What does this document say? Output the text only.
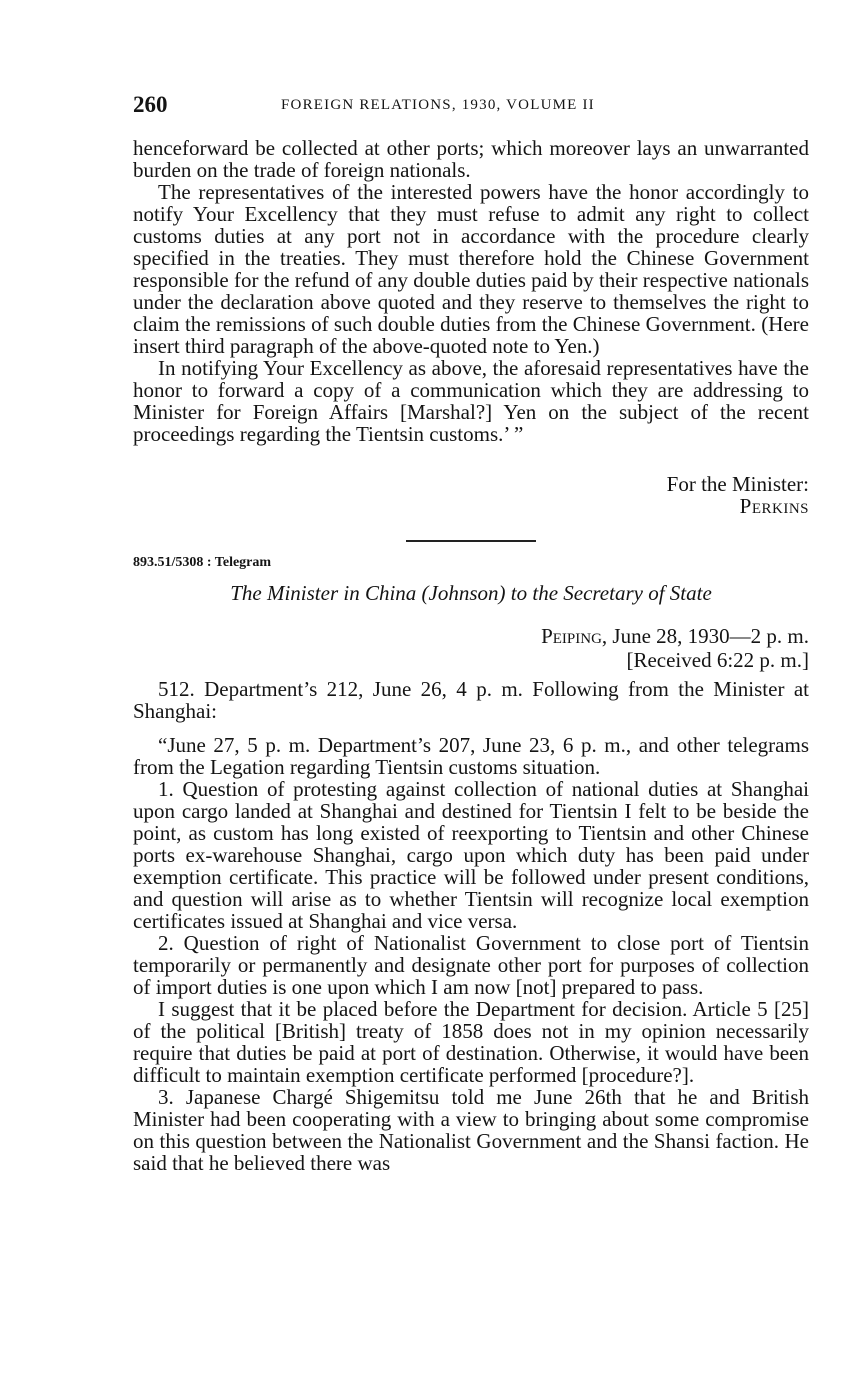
260	FOREIGN RELATIONS, 1930, VOLUME II

henceforward be collected at other ports; which moreover lays an unwarranted burden on the trade of foreign nationals.

The representatives of the interested powers have the honor accordingly to notify Your Excellency that they must refuse to admit any right to collect customs duties at any port not in accordance with the procedure clearly specified in the treaties. They must therefore hold the Chinese Government responsible for the refund of any double duties paid by their respective nationals under the declaration above quoted and they reserve to themselves the right to claim the remissions of such double duties from the Chinese Government. (Here insert third paragraph of the above-quoted note to Yen.)

In notifying Your Excellency as above, the aforesaid representatives have the honor to forward a copy of a communication which they are addressing to Minister for Foreign Affairs [Marshal?] Yen on the subject of the recent proceedings regarding the Tientsin customs.’ ”

For the Minister:

Perkins

893.51/5308 : Telegram
The Minister in China (Johnson) to the Secretary of State
Peiping, June 28, 1930—2 p. m.
[Received 6:22 p. m.]

512. Department’s 212, June 26, 4 p. m. Following from the Minister at Shanghai:

“June 27, 5 p. m. Department’s 207, June 23, 6 p. m., and other telegrams from the Legation regarding Tientsin customs situation.

1. Question of protesting against collection of national duties at Shanghai upon cargo landed at Shanghai and destined for Tientsin I felt to be beside the point, as custom has long existed of reexporting to Tientsin and other Chinese ports ex-warehouse Shanghai, cargo upon which duty has been paid under exemption certificate. This practice will be followed under present conditions, and question will arise as to whether Tientsin will recognize local exemption certificates issued at Shanghai and vice versa.

2. Question of right of Nationalist Government to close port of Tientsin temporarily or permanently and designate other port for purposes of collection of import duties is one upon which I am now [not] prepared to pass.

I suggest that it be placed before the Department for decision. Article 5 [25] of the political [British] treaty of 1858 does not in my opinion necessarily require that duties be paid at port of destination. Otherwise, it would have been difficult to maintain exemption certificate performed [procedure?].

3. Japanese Chargé Shigemitsu told me June 26th that he and British Minister had been cooperating with a view to bringing about some compromise on this question between the Nationalist Government and the Shansi faction. He said that he believed there was
